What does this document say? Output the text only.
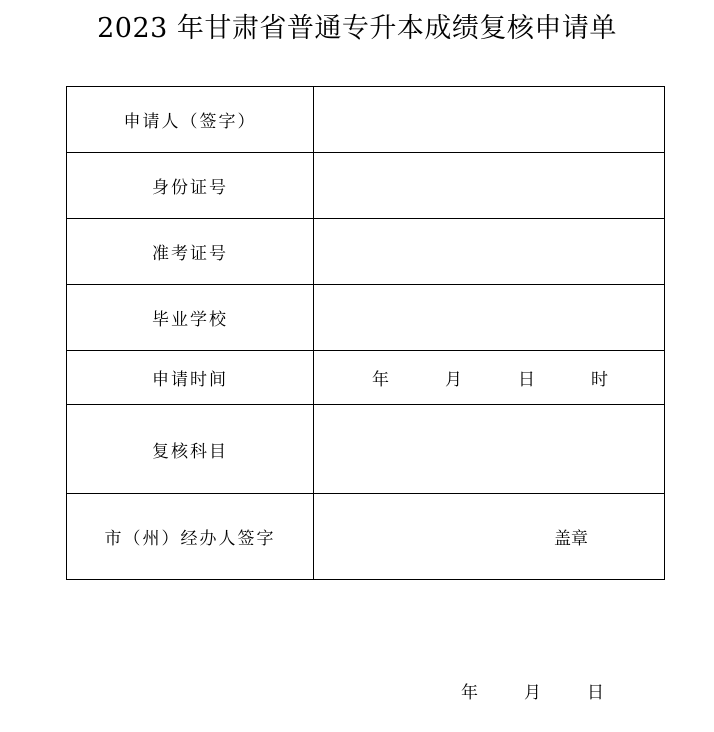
2023 年甘肃省普通专升本成绩复核申请单
申请人（签字）	
身份证号	
准考证号	
毕业学校	
申请时间	年 月 日 时

复核科目	
市（州）经办人签字	盖章
年	月	日
